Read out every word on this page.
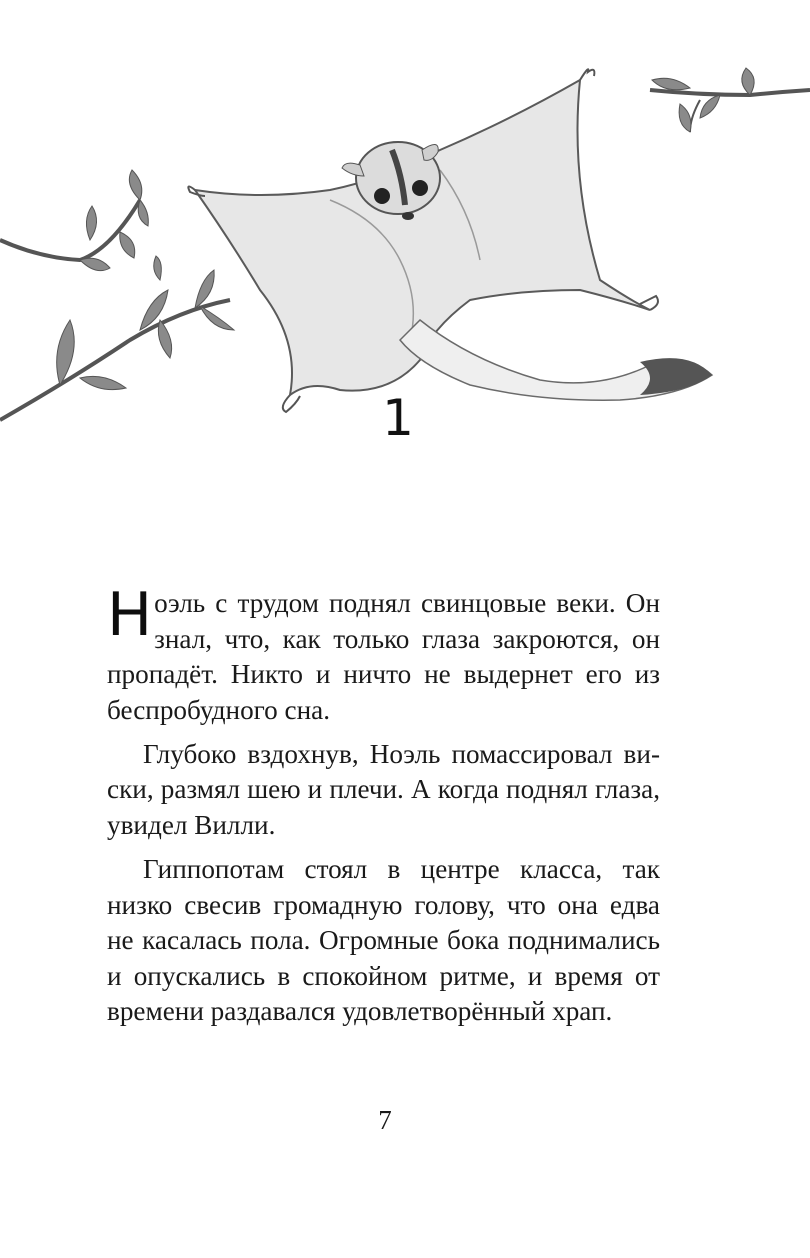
1

Ноэль с трудом поднял свинцовые веки. Он знал, что, как только глаза закроются, он пропадёт. Никто и ничто не выдернет его из беспробудного сна.

Глубоко вздохнув, Ноэль помассировал виски, размял шею и плечи. А когда поднял глаза, увидел Вилли.

Гиппопотам стоял в центре класса, так низко свесив громадную голову, что она едва не касалась пола. Огромные бока поднимались и опускались в спокойном ритме, и время от времени раздавался удовлетворённый храп.

7
